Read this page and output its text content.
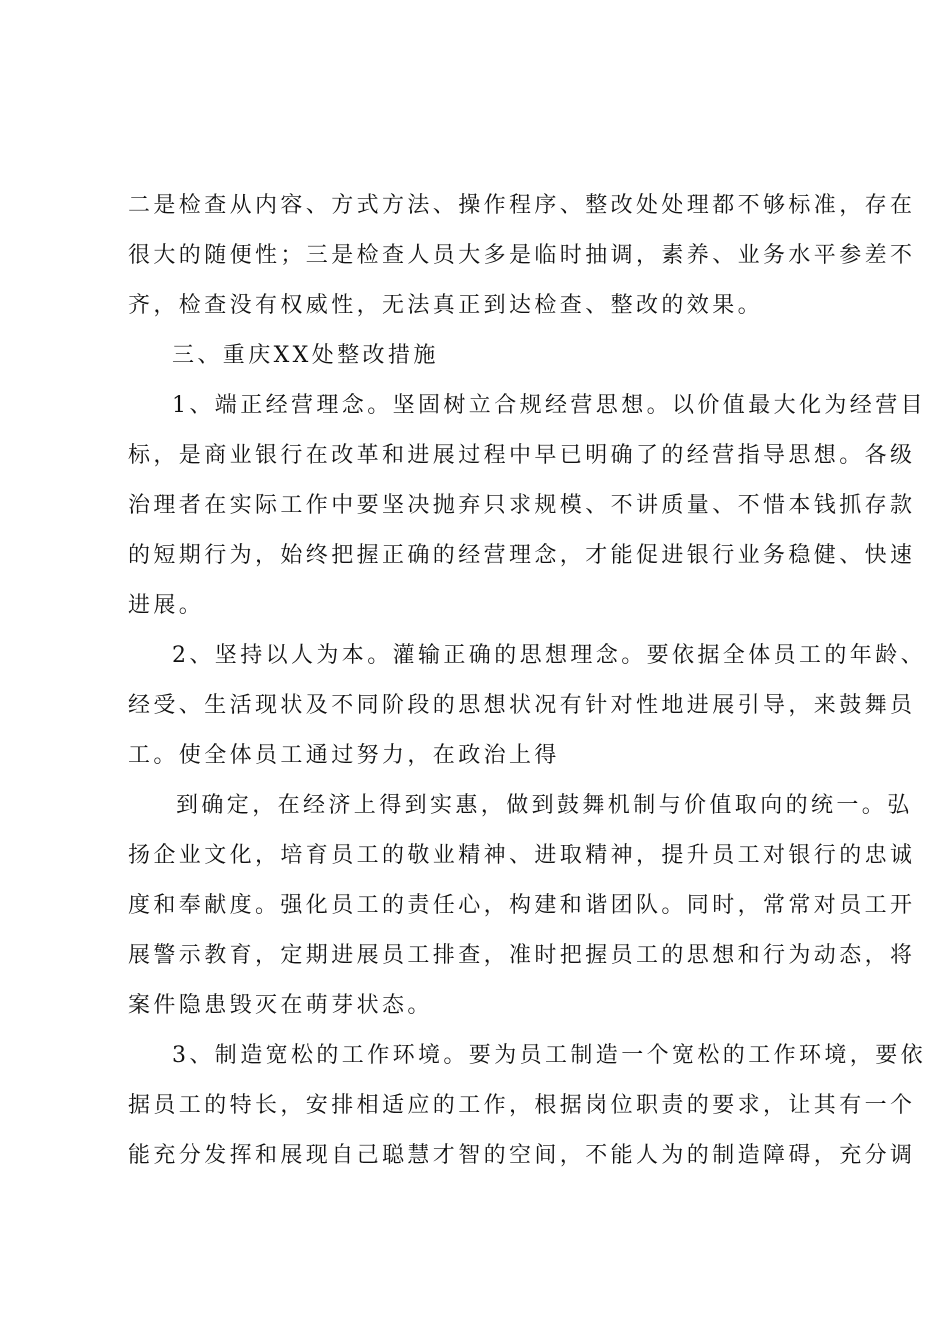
二是检查从内容、方式方法、操作程序、整改处处理都不够标准，存在
很大的随便性；三是检查人员大多是临时抽调，素养、业务水平参差不
齐，检查没有权威性，无法真正到达检查、整改的效果。
三、重庆XX处整改措施
1、端正经营理念。坚固树立合规经营思想。以价值最大化为经营目
标，是商业银行在改革和进展过程中早已明确了的经营指导思想。各级
治理者在实际工作中要坚决抛弃只求规模、不讲质量、不惜本钱抓存款
的短期行为，始终把握正确的经营理念，才能促进银行业务稳健、快速
进展。
2、坚持以人为本。灌输正确的思想理念。要依据全体员工的年龄、
经受、生活现状及不同阶段的思想状况有针对性地进展引导，来鼓舞员
工。使全体员工通过努力，在政治上得
到确定，在经济上得到实惠，做到鼓舞机制与价值取向的统一。弘
扬企业文化，培育员工的敬业精神、进取精神，提升员工对银行的忠诚
度和奉献度。强化员工的责任心，构建和谐团队。同时，常常对员工开
展警示教育，定期进展员工排查，准时把握员工的思想和行为动态，将
案件隐患毁灭在萌芽状态。
3、制造宽松的工作环境。要为员工制造一个宽松的工作环境，要依
据员工的特长，安排相适应的工作，根据岗位职责的要求，让其有一个
能充分发挥和展现自己聪慧才智的空间，不能人为的制造障碍，充分调
